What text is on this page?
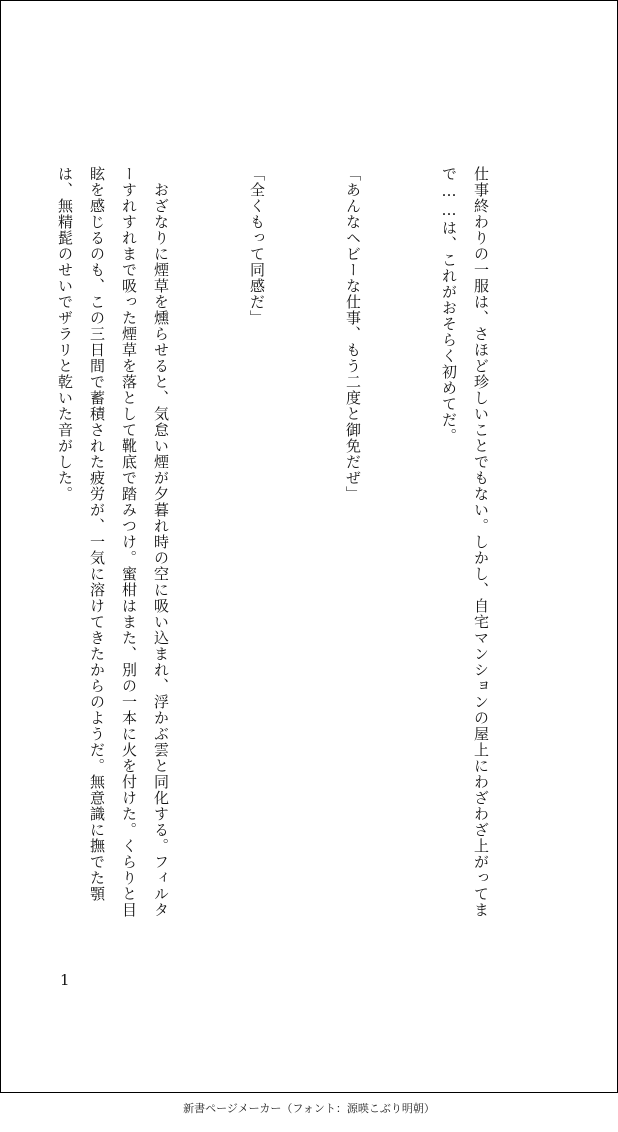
仕事終わりの一服は、さほど珍しいことでもない。しかし、自宅マンションの屋上にわざわざ上がってまで……は、これがおそらく初めてだ。

「あんなヘビーな仕事、もう二度と御免だぜ」

「全くもって同感だ」

　おざなりに煙草を燻らせると、気怠い煙が夕暮れ時の空に吸い込まれ、浮かぶ雲と同化する。フィルターすれすれまで吸った煙草を落として靴底で踏みつけ。蜜柑はまた、別の一本に火を付けた。くらりと目眩を感じるのも、この三日間で蓄積された疲労が、一気に溶けてきたからのようだ。無意識に撫でた顎は、無精髭のせいでザラリと乾いた音がした。

1
新書ページメーカー（フォント：源暎こぶり明朝）
